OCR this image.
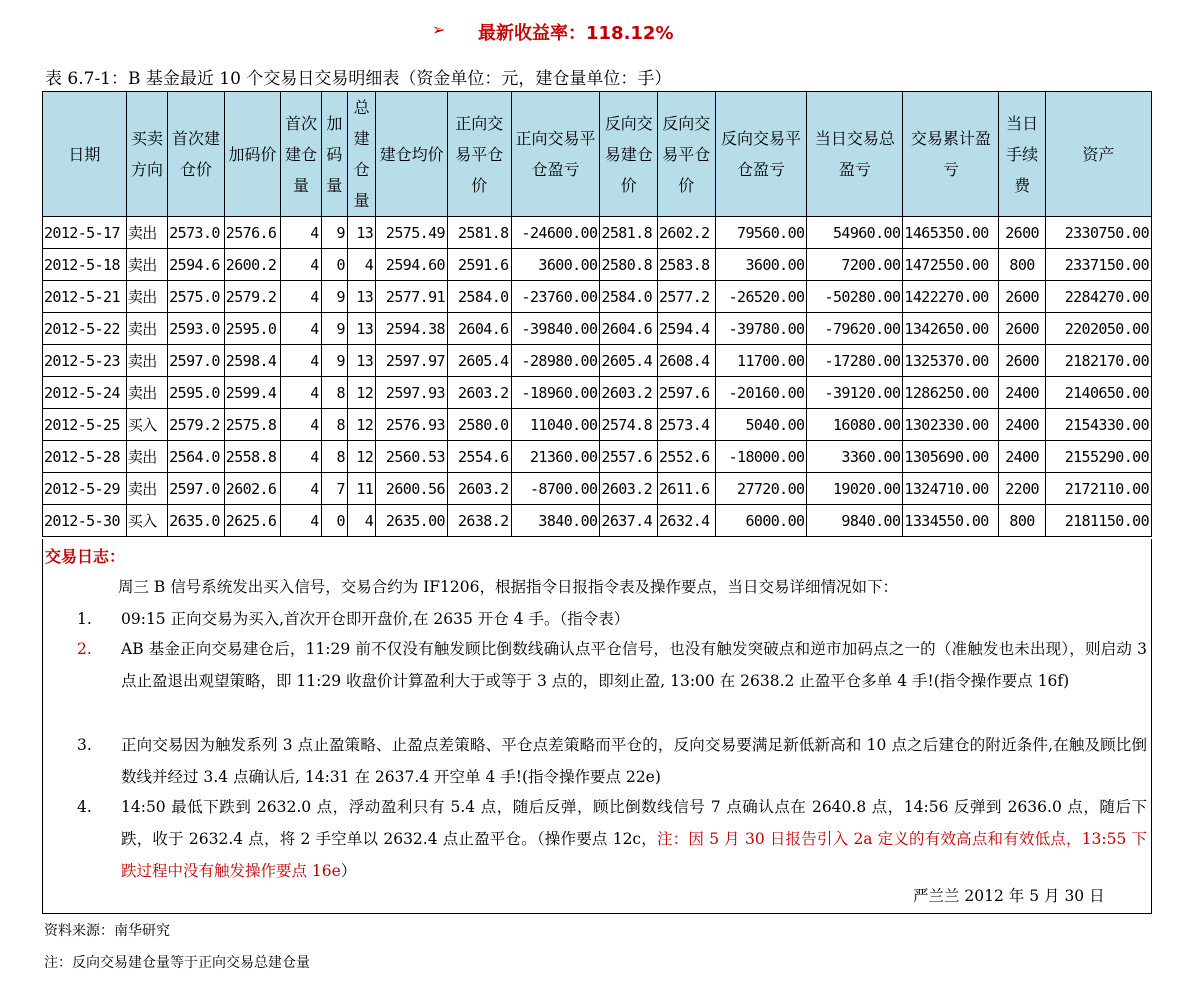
➢ 最新收益率：118.12%
表 6.7-1：B 基金最近 10 个交易日交易明细表（资金单位：元，建仓量单位：手）
日期	买卖方向	首次建仓价	加码价	首次建仓量	加码量	总建仓量	建仓均价	正向交易平仓价	正向交易平仓盈亏	反向交易建仓价	反向交易平仓价	反向交易平仓盈亏	当日交易总盈亏	交易累计盈亏	当日手续费	资产
2012-5-17	卖出	2573.0	2576.6	4	9	13	2575.49	2581.8	-24600.00	2581.8	2602.2	79560.00	54960.00	1465350.00	2600	2330750.00
2012-5-18	卖出	2594.6	2600.2	4	0	4	2594.60	2591.6	3600.00	2580.8	2583.8	3600.00	7200.00	1472550.00	800	2337150.00
2012-5-21	卖出	2575.0	2579.2	4	9	13	2577.91	2584.0	-23760.00	2584.0	2577.2	-26520.00	-50280.00	1422270.00	2600	2284270.00
2012-5-22	卖出	2593.0	2595.0	4	9	13	2594.38	2604.6	-39840.00	2604.6	2594.4	-39780.00	-79620.00	1342650.00	2600	2202050.00
2012-5-23	卖出	2597.0	2598.4	4	9	13	2597.97	2605.4	-28980.00	2605.4	2608.4	11700.00	-17280.00	1325370.00	2600	2182170.00
2012-5-24	卖出	2595.0	2599.4	4	8	12	2597.93	2603.2	-18960.00	2603.2	2597.6	-20160.00	-39120.00	1286250.00	2400	2140650.00
2012-5-25	买入	2579.2	2575.8	4	8	12	2576.93	2580.0	11040.00	2574.8	2573.4	5040.00	16080.00	1302330.00	2400	2154330.00
2012-5-28	卖出	2564.0	2558.8	4	8	12	2560.53	2554.6	21360.00	2557.6	2552.6	-18000.00	3360.00	1305690.00	2400	2155290.00
2012-5-29	卖出	2597.0	2602.6	4	7	11	2600.56	2603.2	-8700.00	2603.2	2611.6	27720.00	19020.00	1324710.00	2200	2172110.00
2012-5-30	买入	2635.0	2625.6	4	0	4	2635.00	2638.2	3840.00	2637.4	2632.4	6000.00	9840.00	1334550.00	800	2181150.00
交易日志：
周三 B 信号系统发出买入信号，交易合约为 IF1206，根据指令日报指令表及操作要点，当日交易详细情况如下：
1. 09:15 正向交易为买入,首次开仓即开盘价,在 2635 开仓 4 手。（指令表）
2. AB 基金正向交易建仓后，11:29 前不仅没有触发顾比倒数线确认点平仓信号，也没有触发突破点和逆市加码点之一的（准触发也未出现），则启动 3 点止盈退出观望策略，即 11:29 收盘价计算盈利大于或等于 3 点的，即刻止盈, 13:00 在 2638.2 止盈平仓多单 4 手!(指令操作要点 16f)
3. 正向交易因为触发系列 3 点止盈策略、止盈点差策略、平仓点差策略而平仓的，反向交易要满足新低新高和 10 点之后建仓的附近条件,在触及顾比倒数线并经过 3.4 点确认后, 14:31 在 2637.4 开空单 4 手!(指令操作要点 22e)
4. 14:50 最低下跌到 2632.0 点，浮动盈利只有 5.4 点，随后反弹，顾比倒数线信号 7 点确认点在 2640.8 点，14:56 反弹到 2636.0 点，随后下跌，收于 2632.4 点，将 2 手空单以 2632.4 点止盈平仓。（操作要点 12c，注：因 5 月 30 日报告引入 2a 定义的有效高点和有效低点，13:55 下跌过程中没有触发操作要点 16e）
严兰兰 2012 年 5 月 30 日
资料来源：南华研究
注：反向交易建仓量等于正向交易总建仓量
